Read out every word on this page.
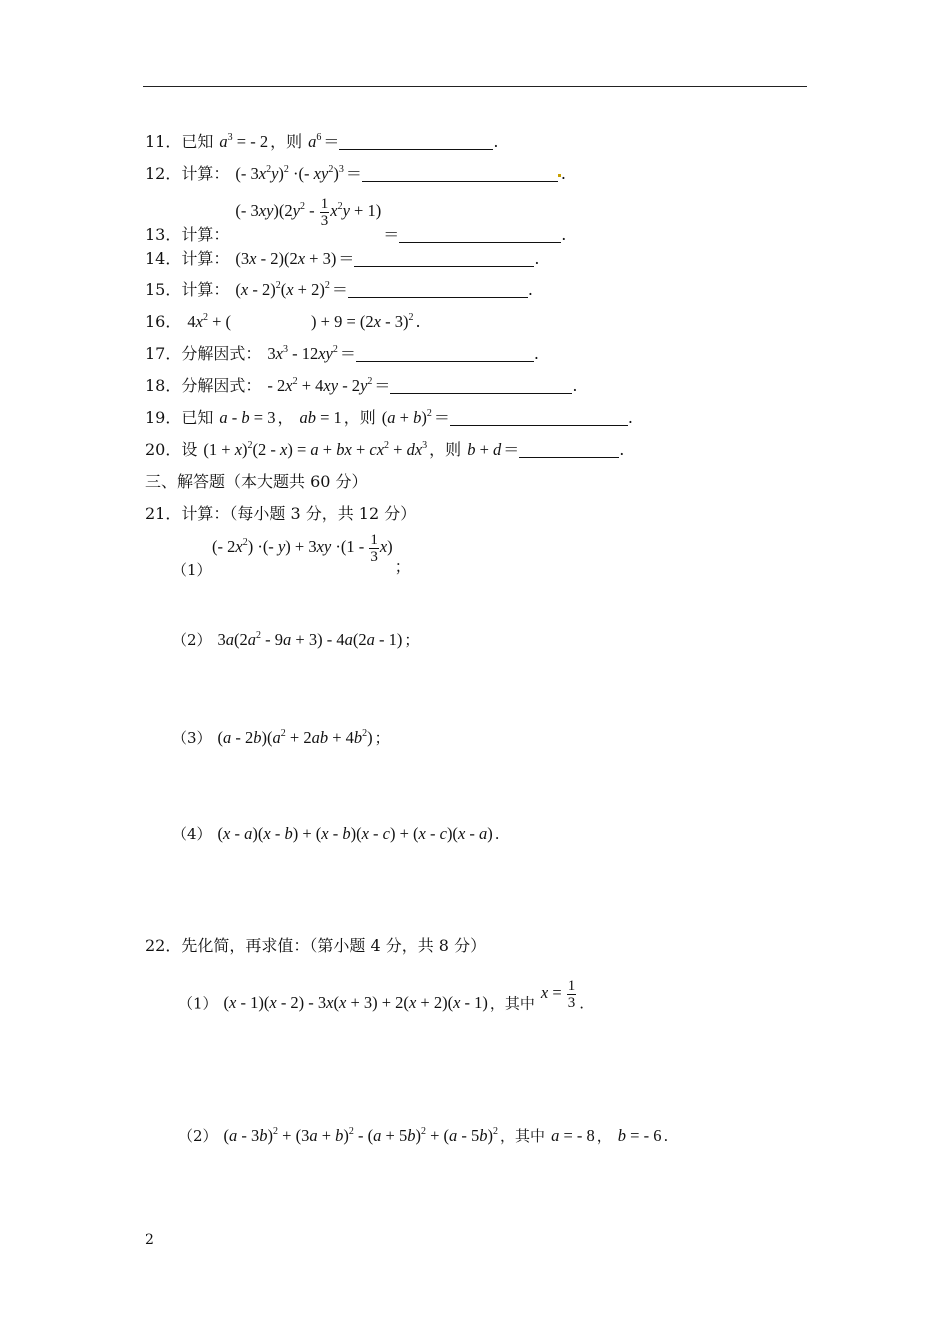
11．已知 $a^3$ = - 2 ，则 $a^6$ ＝	.
12．计算： (- $3x^2y)^2$ ·(- $xy^2)^3$ ＝	.
13．计算：(- $3xy)(2y^2 - \frac{1}{3} x^2y + 1)=$	.
14．计算： (3x - 2)(2x + 3) ＝	.
15．计算： $(x - 2)^2(x + 2)^2$ ＝	.
16． $4x^2$ + (	) + 9 = (2x - 3)$^2$ .
17．分解因式： $3x^3 - 12xy^2$ ＝	.
18．分解因式： - $2x^2 + 4xy - 2y^2$ ＝	.
19．已知 a - b = 3 ， ab = 1 ，则 $(a + b)^2$ ＝	.
20．设 $(1 + x)^2(2 - x) = a$ + bx + $cx^2 + dx^3$ ，则 b + d ＝	.
三、解答题（本大题共 60 分）
21．计算：（每小题 3 分，共 12 分）
（1）
(- $2x^2$) ·(- $y) + 3xy \cdot(1 - \frac{1}{3} x)$；
（2） $3a(2a^2 - 9a + 3) - 4a(2a - 1)$ ；
（3） $(a - 2b)(a^2 + 2ab + 4b^2)$ ；
（4） (x - a)(x - b) + (x - b)(x - c) + (x - c)(x - a) .
22．先化简，再求值：（第小题 4 分，共 8 分）
（1） (x - 1)(x - 2) - 3x(x + 3) + 2(x + 2)(x - 1) ，其中$x = \frac{1}{3}$ .
（2） $(a - 3b)^2 + (3a + b)^2 - (a + 5b)^2 + (a - 5b)^2$ ，其中 a = - 8 ， b = - 6 .
2
